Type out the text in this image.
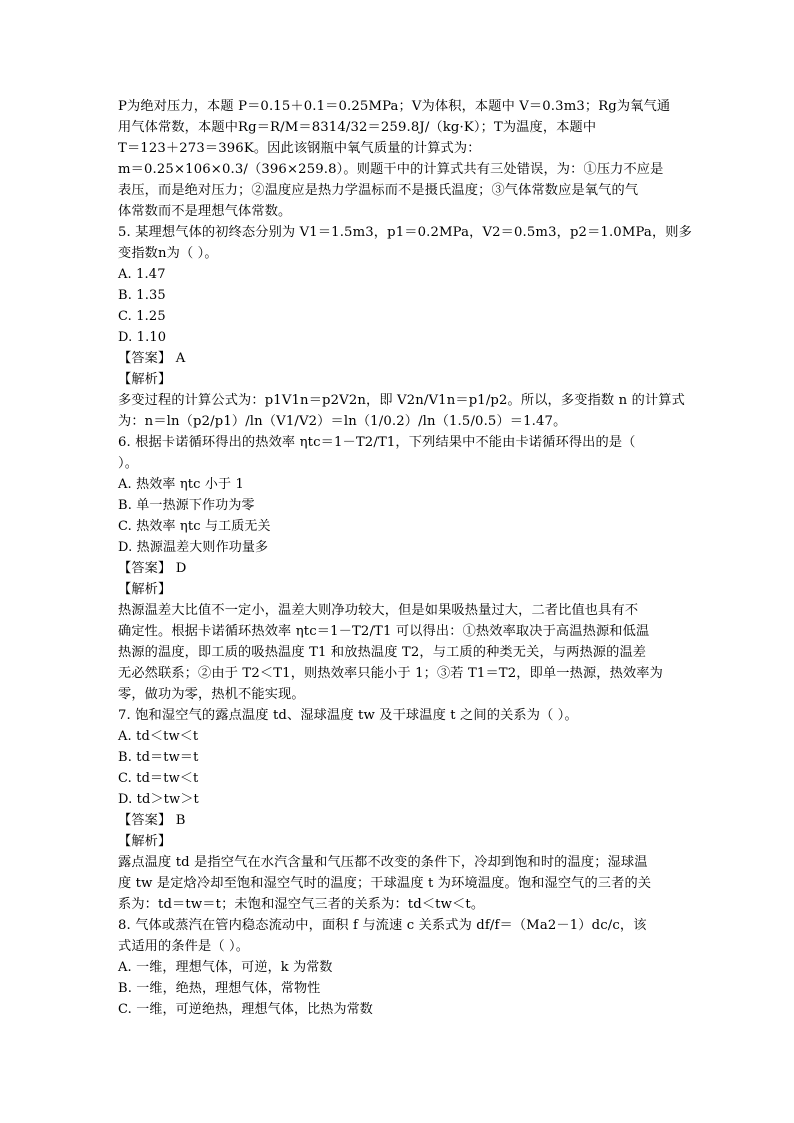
P为绝对压力，本题 P＝0.15＋0.1＝0.25MPa；V为体积，本题中 V＝0.3m3；Rg为氧气通
用气体常数，本题中Rg＝R/M＝8314/32＝259.8J/（kg·K）；T为温度，本题中
T＝123＋273＝396K。因此该钢瓶中氧气质量的计算式为：
m＝0.25×106×0.3/（396×259.8）。则题干中的计算式共有三处错误，为：①压力不应是
表压，而是绝对压力；②温度应是热力学温标而不是摄氏温度；③气体常数应是氧气的气
体常数而不是理想气体常数。
5. 某理想气体的初终态分别为 V1＝1.5m3，p1＝0.2MPa，V2＝0.5m3，p2＝1.0MPa，则多
变指数n为（ ）。
A. 1.47
B. 1.35
C. 1.25
D. 1.10
【答案】 A
【解析】
多变过程的计算公式为：p1V1n＝p2V2n，即 V2n/V1n＝p1/p2。所以，多变指数 n 的计算式
为：n＝ln（p2/p1）/ln（V1/V2）＝ln（1/0.2）/ln（1.5/0.5）＝1.47。
6. 根据卡诺循环得出的热效率 ηtc＝1－T2/T1，下列结果中不能由卡诺循环得出的是（
）。
A. 热效率 ηtc 小于 1
B. 单一热源下作功为零
C. 热效率 ηtc 与工质无关
D. 热源温差大则作功量多
【答案】 D
【解析】
热源温差大比值不一定小，温差大则净功较大，但是如果吸热量过大，二者比值也具有不
确定性。根据卡诺循环热效率 ηtc＝1－T2/T1 可以得出：①热效率取决于高温热源和低温
热源的温度，即工质的吸热温度 T1 和放热温度 T2，与工质的种类无关，与两热源的温差
无必然联系；②由于 T2＜T1，则热效率只能小于 1；③若 T1＝T2，即单一热源，热效率为
零，做功为零，热机不能实现。
7. 饱和湿空气的露点温度 td、湿球温度 tw 及干球温度 t 之间的关系为（ ）。
A. td＜tw＜t
B. td＝tw＝t
C. td＝tw＜t
D. td＞tw＞t
【答案】 B
【解析】
露点温度 td 是指空气在水汽含量和气压都不改变的条件下，冷却到饱和时的温度；湿球温
度 tw 是定焓冷却至饱和湿空气时的温度；干球温度 t 为环境温度。饱和湿空气的三者的关
系为：td＝tw＝t；未饱和湿空气三者的关系为：td＜tw＜t。
8. 气体或蒸汽在管内稳态流动中，面积 f 与流速 c 关系式为 df/f＝（Ma2－1）dc/c，该
式适用的条件是（ ）。
A. 一维，理想气体，可逆，k 为常数
B. 一维，绝热，理想气体，常物性
C. 一维，可逆绝热，理想气体，比热为常数
